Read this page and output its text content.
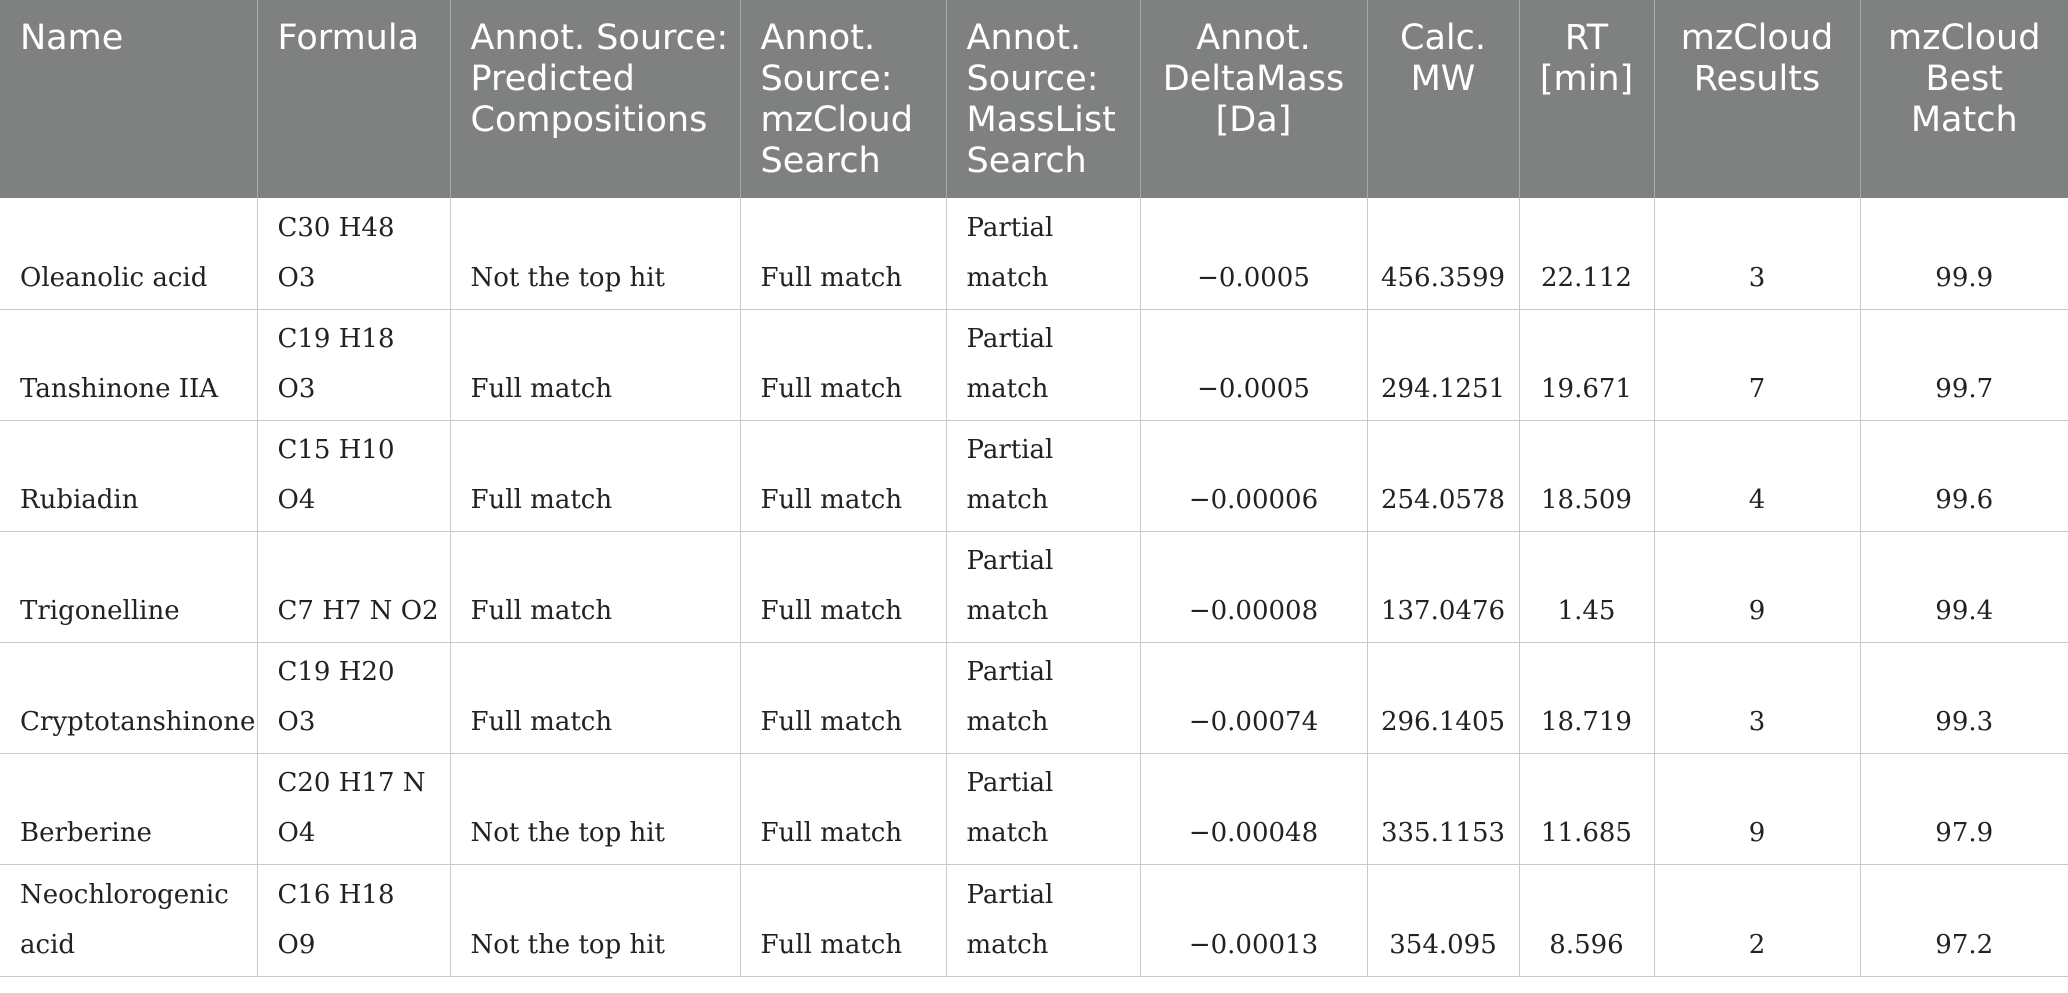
Name	Formula	Annot. Source: Predicted Compositions	Annot. Source: mzCloud Search	Annot. Source: MassList Search	Annot. DeltaMass [Da]	Calc. MW	RT [min]	mzCloud Results	mzCloud Best Match
Oleanolic acid	C30 H48 O3	Not the top hit	Full match	Partial match	−0.0005	456.3599	22.112	3	99.9
Tanshinone IIA	C19 H18 O3	Full match	Full match	Partial match	−0.0005	294.1251	19.671	7	99.7
Rubiadin	C15 H10 O4	Full match	Full match	Partial match	−0.00006	254.0578	18.509	4	99.6
Trigonelline	C7 H7 N O2	Full match	Full match	Partial match	−0.00008	137.0476	1.45	9	99.4
Cryptotanshinone	C19 H20 O3	Full match	Full match	Partial match	−0.00074	296.1405	18.719	3	99.3
Berberine	C20 H17 N O4	Not the top hit	Full match	Partial match	−0.00048	335.1153	11.685	9	97.9
Neochlorogenic acid	C16 H18 O9	Not the top hit	Full match	Partial match	−0.00013	354.095	8.596	2	97.2
